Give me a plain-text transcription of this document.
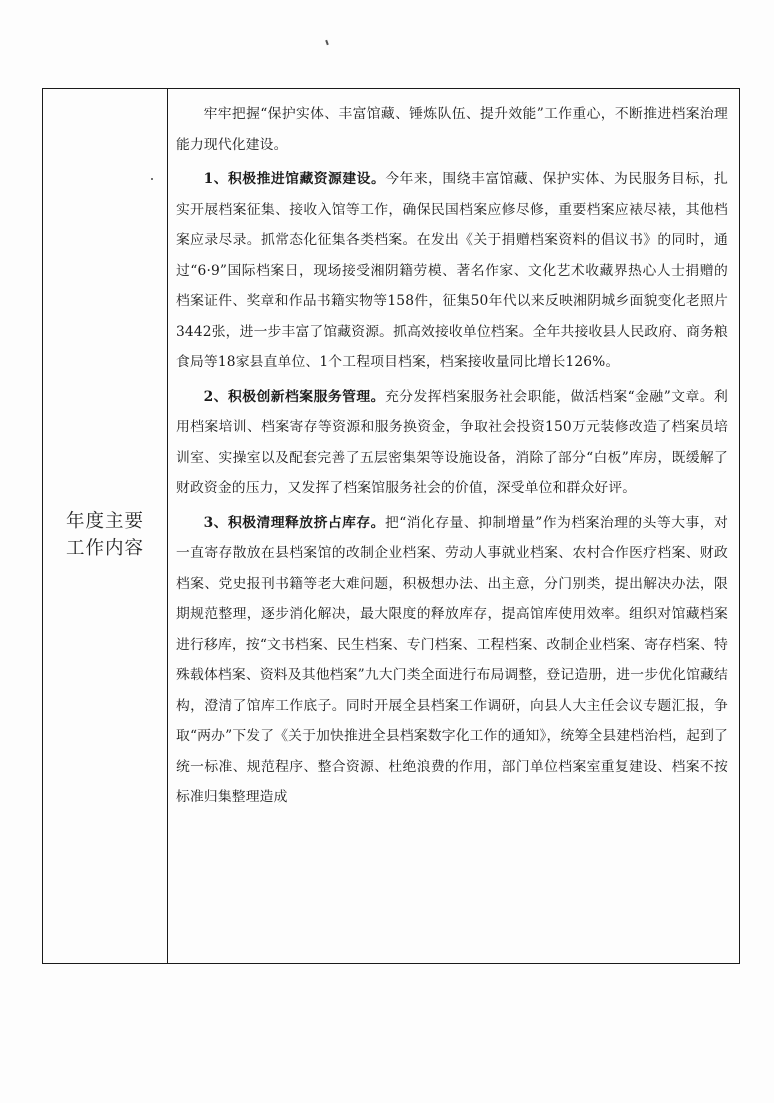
年度主要
工作内容

牢牢把握“保护实体、丰富馆藏、锤炼队伍、提升效能”工作重心，不断推进档案治理能力现代化建设。

1、积极推进馆藏资源建设。今年来，围绕丰富馆藏、保护实体、为民服务目标，扎实开展档案征集、接收入馆等工作，确保民国档案应修尽修，重要档案应裱尽裱，其他档案应录尽录。抓常态化征集各类档案。在发出《关于捐赠档案资料的倡议书》的同时，通过“6·9”国际档案日，现场接受湘阴籍劳模、著名作家、文化艺术收藏界热心人士捐赠的档案证件、奖章和作品书籍实物等158件，征集50年代以来反映湘阴城乡面貌变化老照片3442张，进一步丰富了馆藏资源。抓高效接收单位档案。全年共接收县人民政府、商务粮食局等18家县直单位、1个工程项目档案，档案接收量同比增长126%。

2、积极创新档案服务管理。充分发挥档案服务社会职能，做活档案“金融”文章。利用档案培训、档案寄存等资源和服务换资金，争取社会投资150万元装修改造了档案员培训室、实操室以及配套完善了五层密集架等设施设备，消除了部分“白板”库房，既缓解了财政资金的压力，又发挥了档案馆服务社会的价值，深受单位和群众好评。

3、积极清理释放挤占库存。把“消化存量、抑制增量”作为档案治理的头等大事，对一直寄存散放在县档案馆的改制企业档案、劳动人事就业档案、农村合作医疗档案、财政档案、党史报刊书籍等老大难问题，积极想办法、出主意，分门别类，提出解决办法，限期规范整理，逐步消化解决，最大限度的释放库存，提高馆库使用效率。组织对馆藏档案进行移库，按“文书档案、民生档案、专门档案、工程档案、改制企业档案、寄存档案、特殊载体档案、资料及其他档案”九大门类全面进行布局调整，登记造册，进一步优化馆藏结构，澄清了馆库工作底子。同时开展全县档案工作调研，向县人大主任会议专题汇报，争取“两办”下发了《关于加快推进全县档案数字化工作的通知》，统筹全县建档治档，起到了统一标准、规范程序、整合资源、杜绝浪费的作用，部门单位档案室重复建设、档案不按标准归集整理造成
